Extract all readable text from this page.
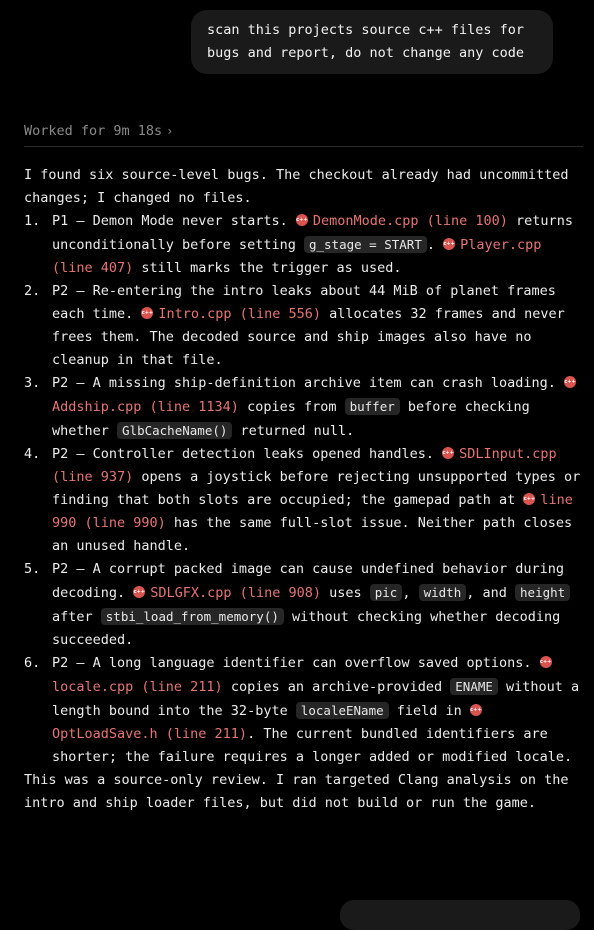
scan this projects source c++ files for bugs and report, do not change any code
Worked for 9m 18s ›

I found six source-level bugs. The checkout already had uncommitted changes; I changed no files.

1. P1 — Demon Mode never starts. c++DemonMode.cpp (line 100) returns unconditionally before setting g_stage = START . c++Player.cpp (line 407) still marks the trigger as used.
2. P2 — Re-entering the intro leaks about 44 MiB of planet frames each time. c++Intro.cpp (line 556) allocates 32 frames and never frees them. The decoded source and ship images also have no cleanup in that file.
3. P2 — A missing ship-definition archive item can crash loading. c++Addship.cpp (line 1134) copies from buffer before checking whether GlbCacheName() returned null.
4. P2 — Controller detection leaks opened handles. c++SDLInput.cpp (line 937) opens a joystick before rejecting unsupported types or finding that both slots are occupied; the gamepad path at c++line 990 (line 990) has the same full-slot issue. Neither path closes an unused handle.
5. P2 — A corrupt packed image can cause undefined behavior during decoding. c++SDLGFX.cpp (line 908) uses pic , width , and height after stbi_load_from_memory() without checking whether decoding succeeded.
6. P2 — A long language identifier can overflow saved options. c++locale.cpp (line 211) copies an archive-provided ENAME without a length bound into the 32-byte localeEName field in c++OptLoadSave.h (line 211). The current bundled identifiers are shorter; the failure requires a longer added or modified locale.

This was a source-only review. I ran targeted Clang analysis on the intro and ship loader files, but did not build or run the game.
